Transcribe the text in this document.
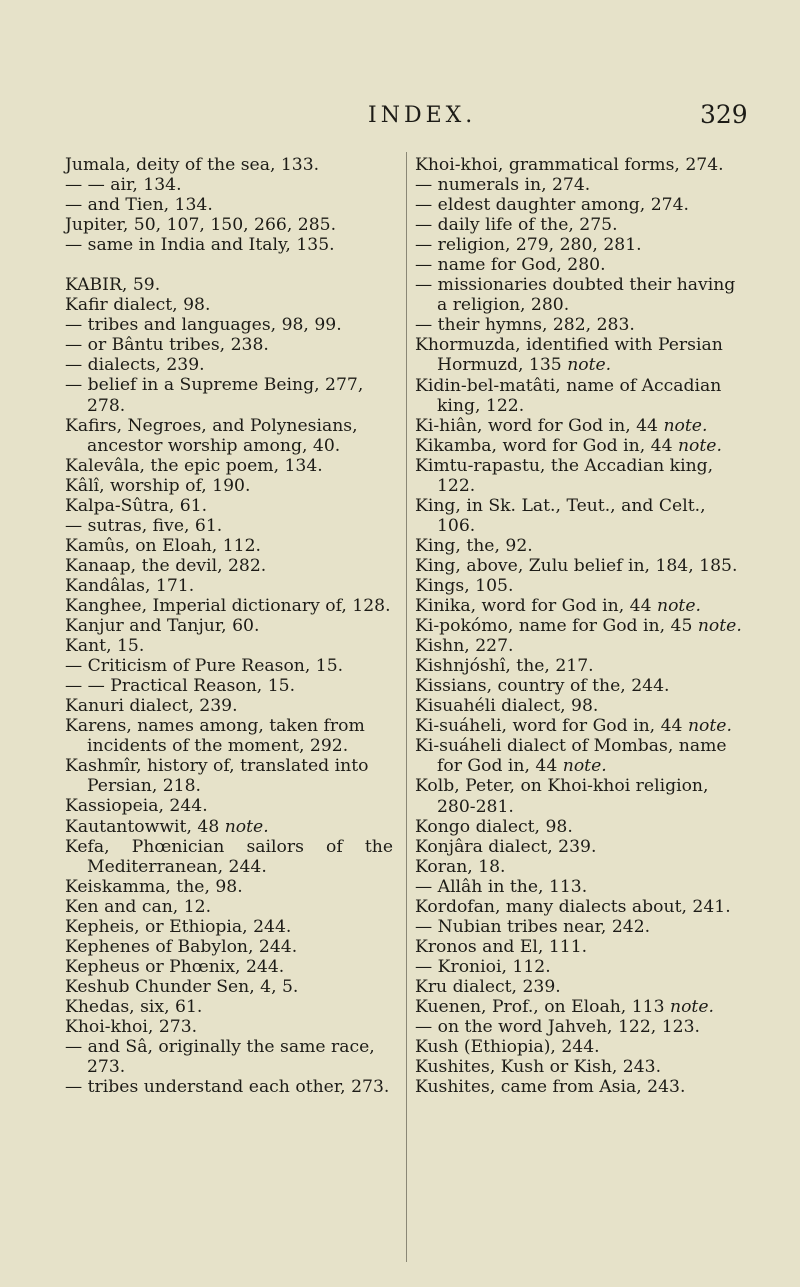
INDEX.	329

Jumala, deity of the sea, 133.

— — air, 134.

— and Tien, 134.

Jupiter, 50, 107, 150, 266, 285.

— same in India and Italy, 135.

KABIR, 59.

Kafir dialect, 98.

— tribes and languages, 98, 99.

— or Bântu tribes, 238.

— dialects, 239.

— belief in a Supreme Being, 277, 278.

Kafirs, Negroes, and Polynesians, ancestor worship among, 40.

Kalevâla, the epic poem, 134.

Kâlî, worship of, 190.

Kalpa-Sûtra, 61.

— sutras, five, 61.

Kamûs, on Eloah, 112.

Kanaap, the devil, 282.

Kandâlas, 171.

Kanghee, Imperial dictionary of, 128.

Kanjur and Tanjur, 60.

Kant, 15.

— Criticism of Pure Reason, 15.

— — Practical Reason, 15.

Kanuri dialect, 239.

Karens, names among, taken from incidents of the moment, 292.

Kashmîr, history of, translated into Persian, 218.

Kassiopeia, 244.

Kautantowwit, 48 note.

Kefa, Phœnician sailors of the Mediterranean, 244.

Keiskamma, the, 98.

Ken and can, 12.

Kepheis, or Ethiopia, 244.

Kephenes of Babylon, 244.

Kepheus or Phœnix, 244.

Keshub Chunder Sen, 4, 5.

Khedas, six, 61.

Khoi-khoi, 273.

— and Sâ, originally the same race, 273.

— tribes understand each other, 273.

Khoi-khoi, grammatical forms, 274.

— numerals in, 274.

— eldest daughter among, 274.

— daily life of the, 275.

— religion, 279, 280, 281.

— name for God, 280.

— missionaries doubted their having a religion, 280.

— their hymns, 282, 283.

Khormuzda, identified with Persian Hormuzd, 135 note.

Kidin-bel-matâti, name of Accadian king, 122.

Ki-hiân, word for God in, 44 note.

Kikamba, word for God in, 44 note.

Kimtu-rapastu, the Accadian king, 122.

King, in Sk. Lat., Teut., and Celt., 106.

King, the, 92.

King, above, Zulu belief in, 184, 185.

Kings, 105.

Kinika, word for God in, 44 note.

Ki-pokómo, name for God in, 45 note.

Kishn, 227.

Kishnjóshî, the, 217.

Kissians, country of the, 244.

Kisuahéli dialect, 98.

Ki-suáheli, word for God in, 44 note.

Ki-suáheli dialect of Mombas, name for God in, 44 note.

Kolb, Peter, on Khoi-khoi religion, 280-281.

Kongo dialect, 98.

Konjâra dialect, 239.

Koran, 18.

— Allâh in the, 113.

Kordofan, many dialects about, 241.

— Nubian tribes near, 242.

Kronos and El, 111.

— Kronioi, 112.

Kru dialect, 239.

Kuenen, Prof., on Eloah, 113 note.

— on the word Jahveh, 122, 123.

Kush (Ethiopia), 244.

Kushites, Kush or Kish, 243.

Kushites, came from Asia, 243.
